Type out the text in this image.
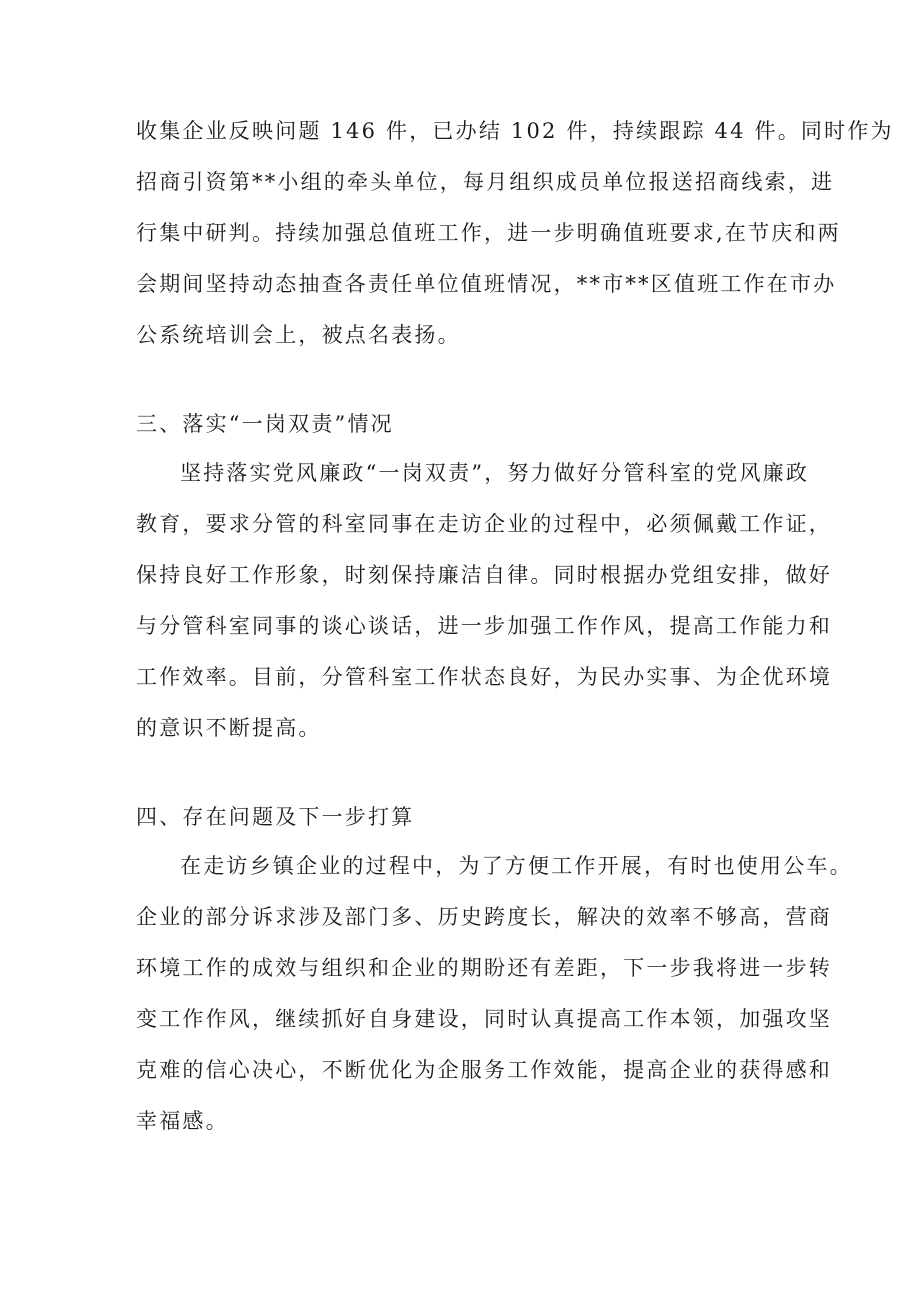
收集企业反映问题 146 件，已办结 102 件，持续跟踪 44 件。同时作为
招商引资第**小组的牵头单位，每月组织成员单位报送招商线索，进
行集中研判。持续加强总值班工作，进一步明确值班要求,在节庆和两
会期间坚持动态抽查各责任单位值班情况，**市**区值班工作在市办
公系统培训会上，被点名表扬。
三、落实“一岗双责”情况
坚持落实党风廉政“一岗双责”，努力做好分管科室的党风廉政
教育，要求分管的科室同事在走访企业的过程中，必须佩戴工作证，
保持良好工作形象，时刻保持廉洁自律。同时根据办党组安排，做好
与分管科室同事的谈心谈话，进一步加强工作作风，提高工作能力和
工作效率。目前，分管科室工作状态良好，为民办实事、为企优环境
的意识不断提高。
四、存在问题及下一步打算
在走访乡镇企业的过程中，为了方便工作开展，有时也使用公车。
企业的部分诉求涉及部门多、历史跨度长，解决的效率不够高，营商
环境工作的成效与组织和企业的期盼还有差距，下一步我将进一步转
变工作作风，继续抓好自身建设，同时认真提高工作本领，加强攻坚
克难的信心决心，不断优化为企服务工作效能，提高企业的获得感和
幸福感。
